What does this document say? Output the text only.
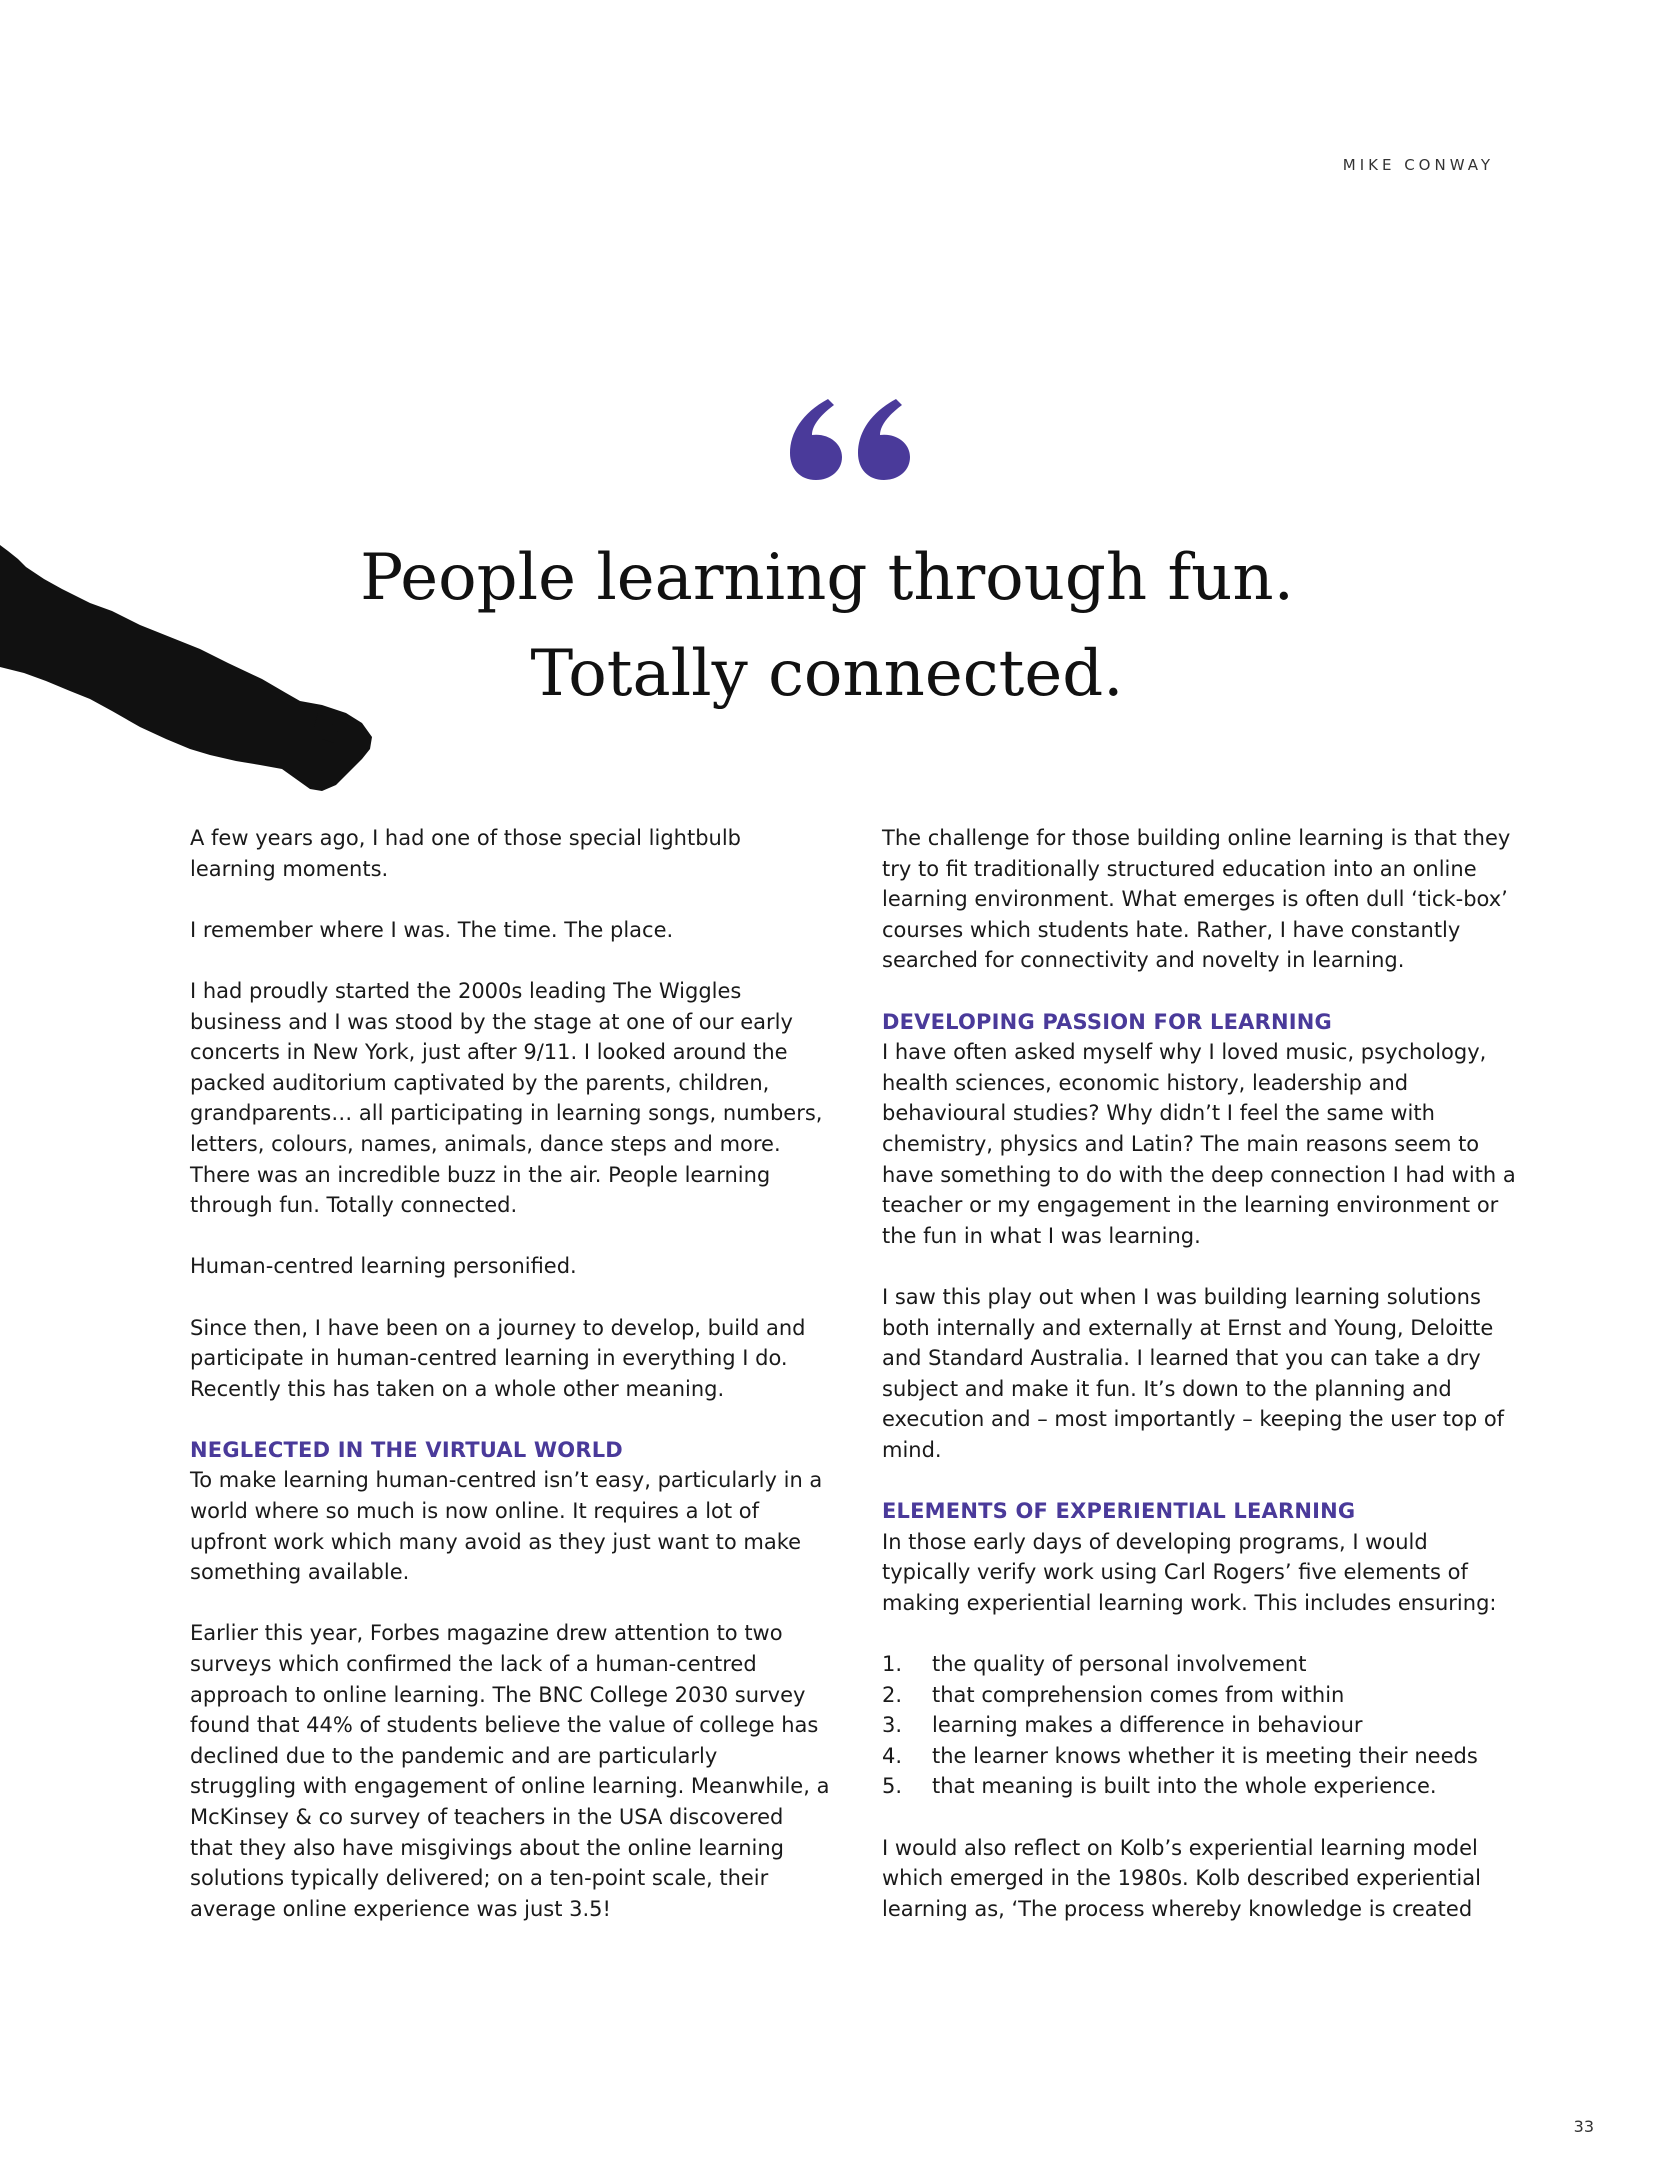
MIKE CONWAY
People learning through fun.
Totally connected.

A few years ago, I had one of those special lightbulb learning moments.

I remember where I was. The time. The place.

I had proudly started the 2000s leading The Wiggles business and I was stood by the stage at one of our early concerts in New York, just after 9/11. I looked around the packed auditorium captivated by the parents, children, grandparents… all participating in learning songs, numbers, letters, colours, names, animals, dance steps and more. There was an incredible buzz in the air. People learning through fun. Totally connected.

Human-centred learning personified.

Since then, I have been on a journey to develop, build and participate in human-centred learning in everything I do. Recently this has taken on a whole other meaning.

NEGLECTED IN THE VIRTUAL WORLD

To make learning human-centred isn’t easy, particularly in a world where so much is now online. It requires a lot of upfront work which many avoid as they just want to make something available.

Earlier this year, Forbes magazine drew attention to two surveys which confirmed the lack of a human-centred approach to online learning. The BNC College 2030 survey found that 44% of students believe the value of college has declined due to the pandemic and are particularly struggling with engagement of online learning. Meanwhile, a McKinsey & co survey of teachers in the USA discovered that they also have misgivings about the online learning solutions typically delivered; on a ten-point scale, their average online experience was just 3.5!

The challenge for those building online learning is that they try to fit traditionally structured education into an online learning environment. What emerges is often dull ‘tick-box’ courses which students hate. Rather, I have constantly searched for connectivity and novelty in learning.

DEVELOPING PASSION FOR LEARNING

I have often asked myself why I loved music, psychology, health sciences, economic history, leadership and behavioural studies? Why didn’t I feel the same with chemistry, physics and Latin? The main reasons seem to have something to do with the deep connection I had with a teacher or my engagement in the learning environment or the fun in what I was learning.

I saw this play out when I was building learning solutions both internally and externally at Ernst and Young, Deloitte and Standard Australia. I learned that you can take a dry subject and make it fun. It’s down to the planning and execution and – most importantly – keeping the user top of mind.

ELEMENTS OF EXPERIENTIAL LEARNING

In those early days of developing programs, I would typically verify work using Carl Rogers’ five elements of making experiential learning work. This includes ensuring:

1. the quality of personal involvement
2. that comprehension comes from within
3. learning makes a difference in behaviour
4. the learner knows whether it is meeting their needs
5. that meaning is built into the whole experience.

I would also reflect on Kolb’s experiential learning model which emerged in the 1980s. Kolb described experiential learning as, ‘The process whereby knowledge is created

33
